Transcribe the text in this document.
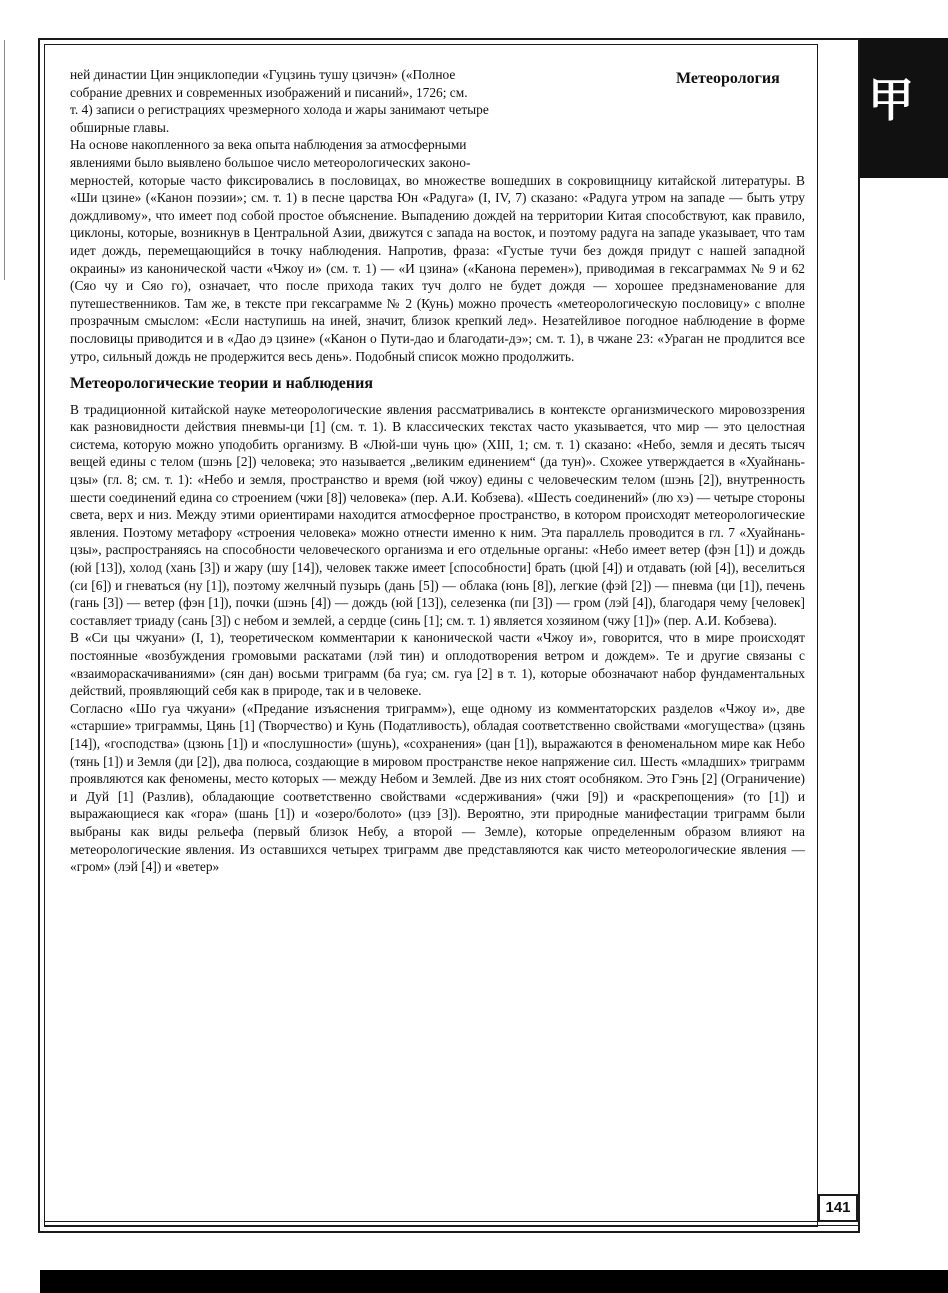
甲
Метеорология

ней династии Цин энциклопедии «Гуцзинь тушу цзичэн» («Полное

собрание древних и современных изображений и писаний», 1726; см.

т. 4) записи о регистрациях чрезмерного холода и жары занимают четыре

обширные главы.

На основе накопленного за века опыта наблюдения за атмосферными

явлениями было выявлено большое число метеорологических законо-

мерностей, которые часто фиксировались в пословицах, во множестве вошедших в сокровищницу китайской литературы. В «Ши цзине» («Канон поэзии»; см. т. 1) в песне царства Юн «Радуга» (I, IV, 7) сказано: «Радуга утром на западе — быть утру дождливому», что имеет под собой простое объяснение. Выпадению дождей на территории Китая способствуют, как правило, циклоны, которые, возникнув в Центральной Азии, движутся с запада на восток, и поэтому радуга на западе указывает, что там идет дождь, перемещающийся в точку наблюдения. Напротив, фраза: «Густые тучи без дождя придут с нашей западной окраины» из канонической части «Чжоу и» (см. т. 1) — «И цзина» («Канона перемен»), приводимая в гексаграммах № 9 и 62 (Сяо чу и Сяо го), означает, что после прихода таких туч долго не будет дождя — хорошее предзнаменование для путешественников. Там же, в тексте при гексаграмме № 2 (Кунь) можно прочесть «метеорологическую пословицу» с вполне прозрачным смыслом: «Если наступишь на иней, значит, близок крепкий лед». Незатейливое погодное наблюдение в форме пословицы приводится и в «Дао дэ цзине» («Канон о Пути-дао и благодати-дэ»; см. т. 1), в чжане 23: «Ураган не продлится все утро, сильный дождь не продержится весь день». Подобный список можно продолжить.

Метеорологические теории и наблюдения

В традиционной китайской науке метеорологические явления рассматривались в контексте организмического мировоззрения как разновидности действия пневмы-ци [1] (см. т. 1). В классических текстах часто указывается, что мир — это целостная система, которую можно уподобить организму. В «Люй-ши чунь цю» (XIII, 1; см. т. 1) сказано: «Небо, земля и десять тысяч вещей едины с телом (шэнь [2]) человека; это называется „великим единением“ (да тун)». Схожее утверждается в «Хуайнань-цзы» (гл. 8; см. т. 1): «Небо и земля, пространство и время (юй чжоу) едины с человеческим телом (шэнь [2]), внутренность шести соединений едина со строением (чжи [8]) человека» (пер. А.И. Кобзева). «Шесть соединений» (лю хэ) — четыре стороны света, верх и низ. Между этими ориентирами находится атмосферное пространство, в котором происходят метеорологические явления. Поэтому метафору «строения человека» можно отнести именно к ним. Эта параллель проводится в гл. 7 «Хуайнань-цзы», распространяясь на способности человеческого организма и его отдельные органы: «Небо имеет ветер (фэн [1]) и дождь (юй [13]), холод (хань [3]) и жару (шу [14]), человек также имеет [способности] брать (цюй [4]) и отдавать (юй [4]), веселиться (си [6]) и гневаться (ну [1]), поэтому желчный пузырь (дань [5]) — облака (юнь [8]), легкие (фэй [2]) — пневма (ци [1]), печень (гань [3]) — ветер (фэн [1]), почки (шэнь [4]) — дождь (юй [13]), селезенка (пи [3]) — гром (лэй [4]), благодаря чему [человек] составляет триаду (сань [3]) с небом и землей, а сердце (синь [1]; см. т. 1) является хозяином (чжу [1])» (пер. А.И. Кобзева).

В «Си цы чжуани» (I, 1), теоретическом комментарии к канонической части «Чжоу и», говорится, что в мире происходят постоянные «возбуждения громовыми раскатами (лэй тин) и оплодотворения ветром и дождем». Те и другие связаны с «взаимораскачиваниями» (сян дан) восьми триграмм (ба гуа; см. гуа [2] в т. 1), которые обозначают набор фундаментальных действий, проявляющий себя как в природе, так и в человеке.

Согласно «Шо гуа чжуани» («Предание изъяснения триграмм»), еще одному из комментаторских разделов «Чжоу и», две «старшие» триграммы, Цянь [1] (Творчество) и Кунь (Податливость), обладая соответственно свойствами «могущества» (цзянь [14]), «господства» (цзюнь [1]) и «послушности» (шунь), «сохранения» (цан [1]), выражаются в феноменальном мире как Небо (тянь [1]) и Земля (ди [2]), два полюса, создающие в мировом пространстве некое напряжение сил. Шесть «младших» триграмм проявляются как феномены, место которых — между Небом и Землей. Две из них стоят особняком. Это Гэнь [2] (Ограничение) и Дуй [1] (Разлив), обладающие соответственно свойствами «сдерживания» (чжи [9]) и «раскрепощения» (то [1]) и выражающиеся как «гора» (шань [1]) и «озеро/болото» (цзэ [3]). Вероятно, эти природные манифестации триграмм были выбраны как виды рельефа (первый близок Небу, а второй — Земле), которые определенным образом влияют на метеорологические явления. Из оставшихся четырех триграмм две представляются как чисто метеорологические явления — «гром» (лэй [4]) и «ветер»

141
